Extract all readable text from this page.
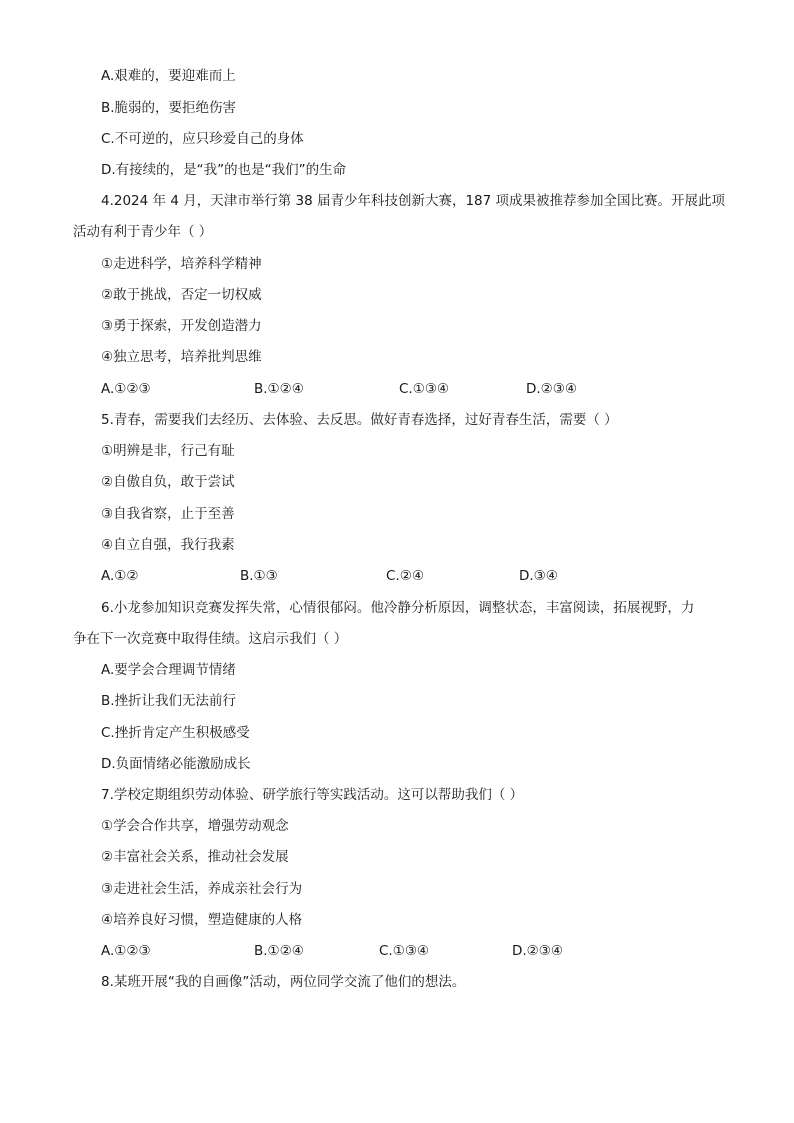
A.艰难的，要迎难而上
B.脆弱的，要拒绝伤害
C.不可逆的，应只珍爱自己的身体
D.有接续的，是“我”的也是“我们”的生命
4.2024 年 4 月，天津市举行第 38 届青少年科技创新大赛，187 项成果被推荐参加全国比赛。开展此项
活动有利于青少年（ ）
①走进科学，培养科学精神
②敢于挑战，否定一切权威
③勇于探索，开发创造潜力
④独立思考，培养批判思维
A.①②③	B.①②④	C.①③④	D.②③④
5.青春，需要我们去经历、去体验、去反思。做好青春选择，过好青春生活，需要（ ）
①明辨是非，行己有耻
②自傲自负，敢于尝试
③自我省察，止于至善
④自立自强，我行我素
A.①②	B.①③	C.②④	D.③④
6.小龙参加知识竞赛发挥失常，心情很郁闷。他冷静分析原因，调整状态，丰富阅读，拓展视野，力
争在下一次竞赛中取得佳绩。这启示我们（ ）
A.要学会合理调节情绪
B.挫折让我们无法前行
C.挫折肯定产生积极感受
D.负面情绪必能激励成长
7.学校定期组织劳动体验、研学旅行等实践活动。这可以帮助我们（ ）
①学会合作共享，增强劳动观念
②丰富社会关系，推动社会发展
③走进社会生活，养成亲社会行为
④培养良好习惯，塑造健康的人格
A.①②③	B.①②④	C.①③④	D.②③④
8.某班开展“我的自画像”活动，两位同学交流了他们的想法。
